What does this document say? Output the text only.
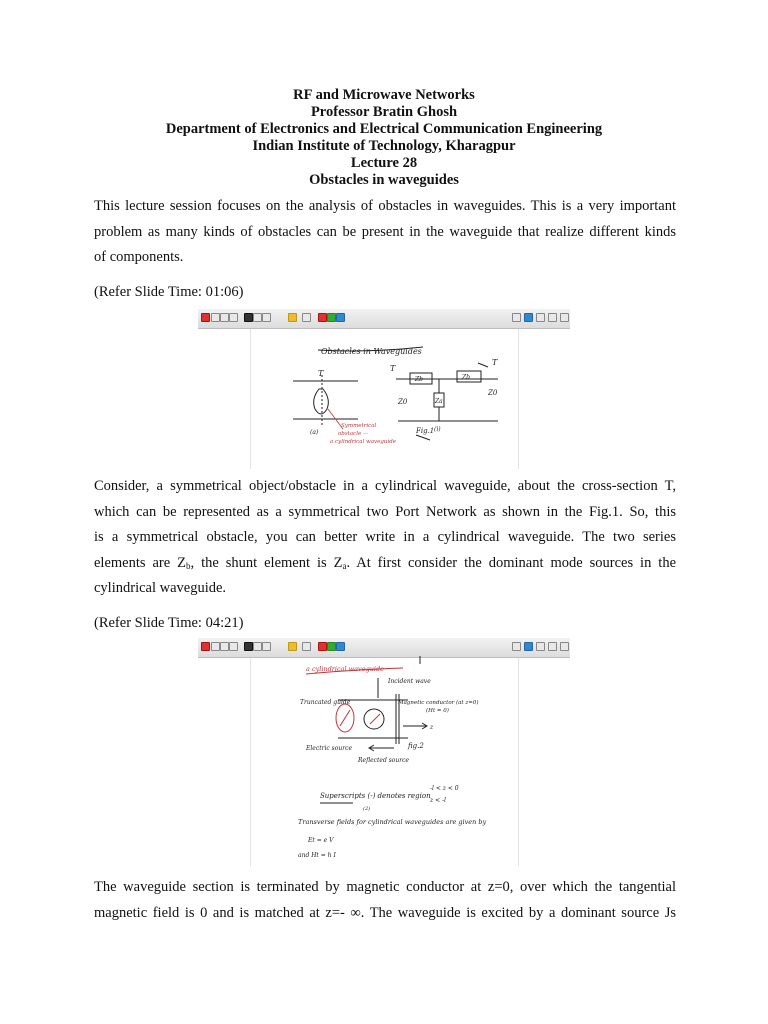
RF and Microwave Networks
Professor Bratin Ghosh
Department of Electronics and Electrical Communication Engineering
Indian Institute of Technology, Kharagpur
Lecture 28
Obstacles in waveguides

This lecture session focuses on the analysis of obstacles in waveguides. This is a very important
problem as many kinds of obstacles can be present in the waveguide that realize different kinds
of components.

(Refer Slide Time: 01:06)

Obstacles in Waveguides
T
T
T
Zb	Zb
Za
Z0
Z0
(a)	(i)
Fig.1
Symmetrical
obstacle —
a cylindrical waveguide

Consider, a symmetrical object/obstacle in a cylindrical waveguide, about the cross-section T,
which can be represented as a symmetrical two Port Network as shown in the Fig.1. So, this
is a symmetrical obstacle, you can better write in a cylindrical waveguide. The two series
elements are $Z_b$, the shunt element is $Z_a$. At first consider the dominant mode sources in the
cylindrical waveguide.

(Refer Slide Time: 04:21)

Incident wave
Truncated guide	Magnetic conductor (at z=0)
(Ht = 0)
z
Electric source
Reflected source
fig.2
Superscripts (-) denotes region
-l < z < 0
z < -l
(2)
Transverse fields for cylindrical waveguides are given by
Et = e V
and Ht = h I
a cylindrical waveguide

The waveguide section is terminated by magnetic conductor at z=0, over which the tangential
magnetic field is 0 and is matched at z=- ∞. The waveguide is excited by a dominant source Js
